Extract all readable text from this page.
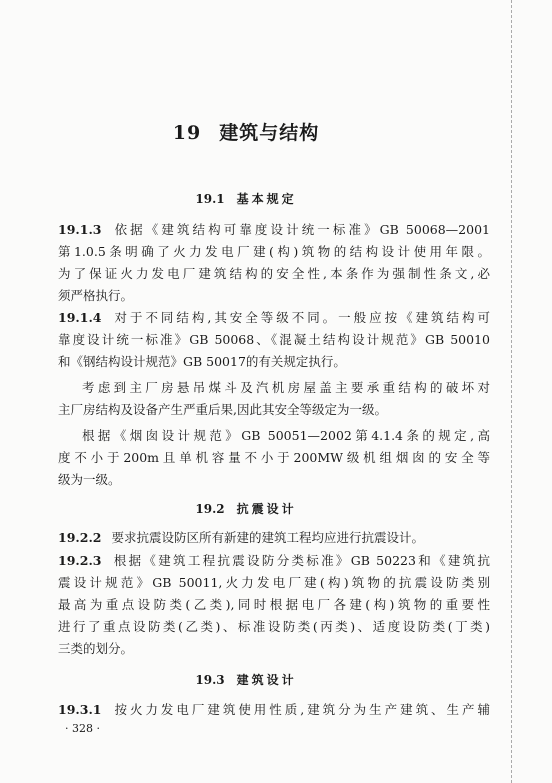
19 建筑与结构
19.1 基本规定
19.1.3 依据《建筑结构可靠度设计统一标准》GB 50068—2001
第1.0.5条明确了火力发电厂建(构)筑物的结构设计使用年限。
为了保证火力发电厂建筑结构的安全性,本条作为强制性条文,必
须严格执行。
19.1.4 对于不同结构,其安全等级不同。一般应按《建筑结构可
靠度设计统一标准》GB 50068、《混凝土结构设计规范》GB 50010
和《钢结构设计规范》GB 50017的有关规定执行。
考虑到主厂房悬吊煤斗及汽机房屋盖主要承重结构的破坏对
主厂房结构及设备产生严重后果,因此其安全等级定为一级。
根据《烟囱设计规范》GB 50051—2002第4.1.4条的规定,高
度不小于200m且单机容量不小于200MW级机组烟囱的安全等
级为一级。
19.2 抗震设计
19.2.2 要求抗震设防区所有新建的建筑工程均应进行抗震设计。
19.2.3 根据《建筑工程抗震设防分类标准》GB 50223和《建筑抗
震设计规范》GB 50011,火力发电厂建(构)筑物的抗震设防类别
最高为重点设防类(乙类),同时根据电厂各建(构)筑物的重要性
进行了重点设防类(乙类)、标准设防类(丙类)、适度设防类(丁类)
三类的划分。
19.3 建筑设计
19.3.1 按火力发电厂建筑使用性质,建筑分为生产建筑、生产辅
· 328 ·
